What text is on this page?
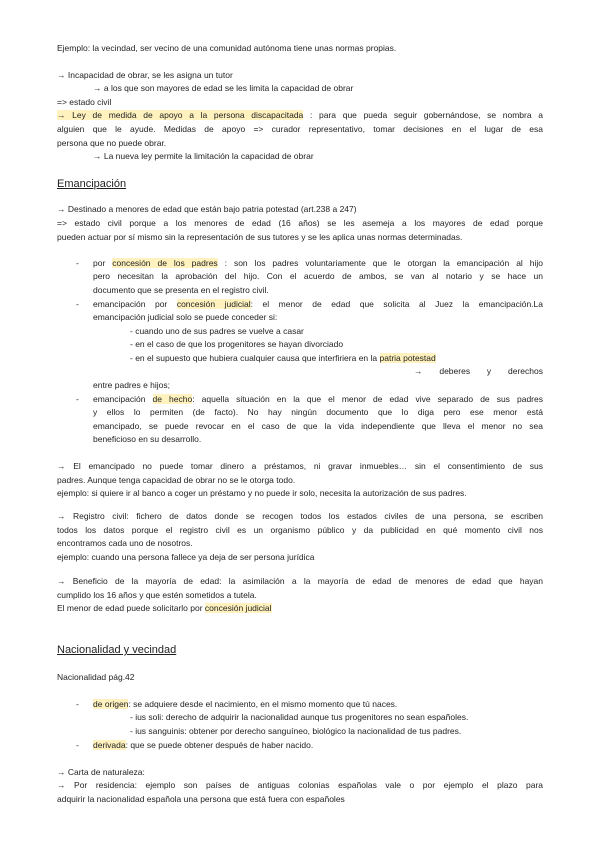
Ejemplo: la vecindad, ser vecino de una comunidad autónoma tiene unas normas propias.
→ Incapacidad de obrar, se les asigna un tutor
→ a los que son mayores de edad se les limita la capacidad de obrar
=> estado civil
→ Ley de medida de apoyo a la persona discapacitada : para que pueda seguir gobernándose, se nombra a
alguien que le ayude. Medidas de apoyo => curador representativo, tomar decisiones en el lugar de esa
persona que no puede obrar.
→ La nueva ley permite la limitación la capacidad de obrar
Emancipación
→ Destinado a menores de edad que están bajo patria potestad (art.238 a 247)
=> estado civil porque a los menores de edad (16 años) se les asemeja a los mayores de edad porque
pueden actuar por sí mismo sin la representación de sus tutores y se les aplica unas normas determinadas.
- por concesión de los padres : son los padres voluntariamente que le otorgan la emancipación al hijo
pero necesitan la aprobación del hijo. Con el acuerdo de ambos, se van al notario y se hace un
documento que se presenta en el registro civil.
- emancipación por concesión judicial: el menor de edad que solicita al Juez la emancipación.La
emancipación judicial solo se puede conceder si:
- cuando uno de sus padres se vuelve a casar
- en el caso de que los progenitores se hayan divorciado
- en el supuesto que hubiera cualquier causa que interfiriera en la patria potestad
→ deberes y derechos
entre padres e hijos;
- emancipación de hecho: aquella situación en la que el menor de edad vive separado de sus padres
y ellos lo permiten (de facto). No hay ningún documento que lo diga pero ese menor está
emancipado, se puede revocar en el caso de que la vida independiente que lleva el menor no sea
beneficioso en su desarrollo.
→ El emancipado no puede tomar dinero a préstamos, ni gravar inmuebles… sin el consentimiento de sus
padres. Aunque tenga capacidad de obrar no se le otorga todo.
ejemplo: si quiere ir al banco a coger un préstamo y no puede ir solo, necesita la autorización de sus padres.
→ Registro civil: fichero de datos donde se recogen todos los estados civiles de una persona, se escriben
todos los datos porque el registro civil es un organismo público y da publicidad en qué momento civil nos
encontramos cada uno de nosotros.
ejemplo: cuando una persona fallece ya deja de ser persona jurídica
→ Beneficio de la mayoría de edad: la asimilación a la mayoría de edad de menores de edad que hayan
cumplido los 16 años y que estén sometidos a tutela.
El menor de edad puede solicitarlo por concesión judicial
Nacionalidad y vecindad
Nacionalidad pág.42
- de origen: se adquiere desde el nacimiento, en el mismo momento que tú naces.
- ius soli: derecho de adquirir la nacionalidad aunque tus progenitores no sean españoles.
- ius sanguinis: obtener por derecho sanguíneo, biológico la nacionalidad de tus padres.
- derivada: que se puede obtener después de haber nacido.
→ Carta de naturaleza:
→ Por residencia: ejemplo son países de antiguas colonias españolas vale o por ejemplo el plazo para
adquirir la nacionalidad española una persona que está fuera con españoles
